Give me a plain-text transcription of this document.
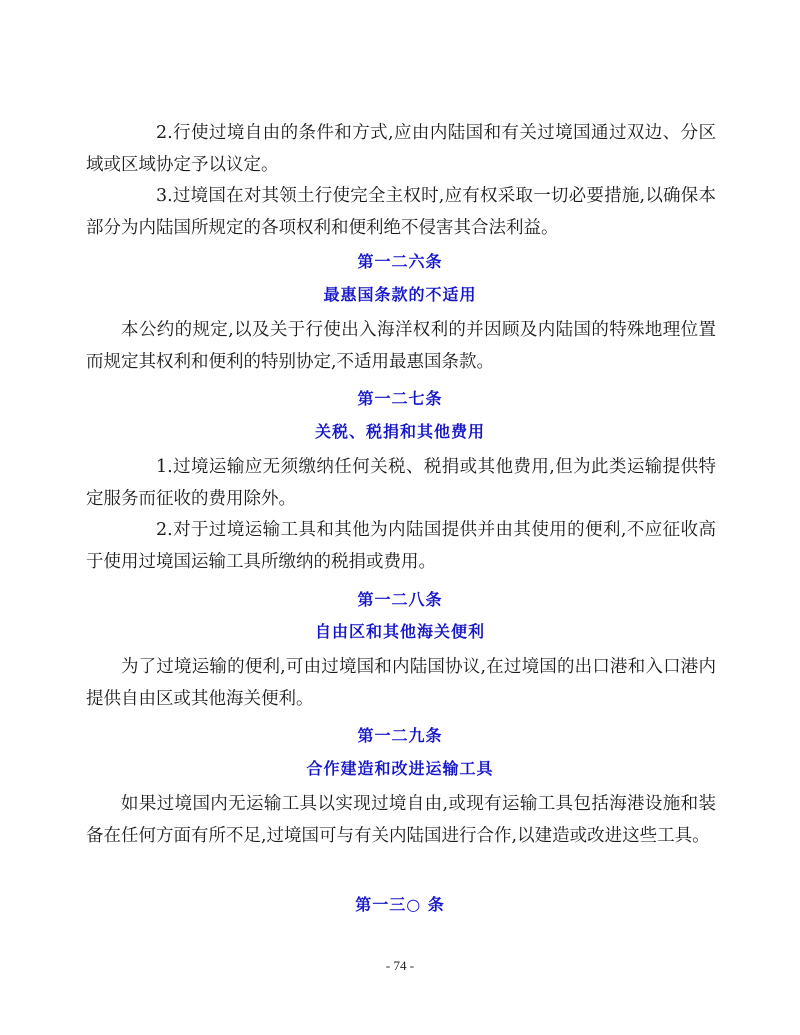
2.行使过境自由的条件和方式,应由内陆国和有关过境国通过双边、分区域或区域协定予以议定。

3.过境国在对其领土行使完全主权时,应有权采取一切必要措施,以确保本部分为内陆国所规定的各项权利和便利绝不侵害其合法利益。

第一二六条
最惠国条款的不适用

本公约的规定,以及关于行使出入海洋权利的并因顾及内陆国的特殊地理位置而规定其权利和便利的特别协定,不适用最惠国条款。

第一二七条
关税、税捐和其他费用

1.过境运输应无须缴纳任何关税、税捐或其他费用,但为此类运输提供特定服务而征收的费用除外。

2.对于过境运输工具和其他为内陆国提供并由其使用的便利,不应征收高于使用过境国运输工具所缴纳的税捐或费用。

第一二八条
自由区和其他海关便利

为了过境运输的便利,可由过境国和内陆国协议,在过境国的出口港和入口港内提供自由区或其他海关便利。

第一二九条
合作建造和改进运输工具

如果过境国内无运输工具以实现过境自由,或现有运输工具包括海港设施和装备在任何方面有所不足,过境国可与有关内陆国进行合作,以建造或改进这些工具。

第一三○ 条
- 74 -
